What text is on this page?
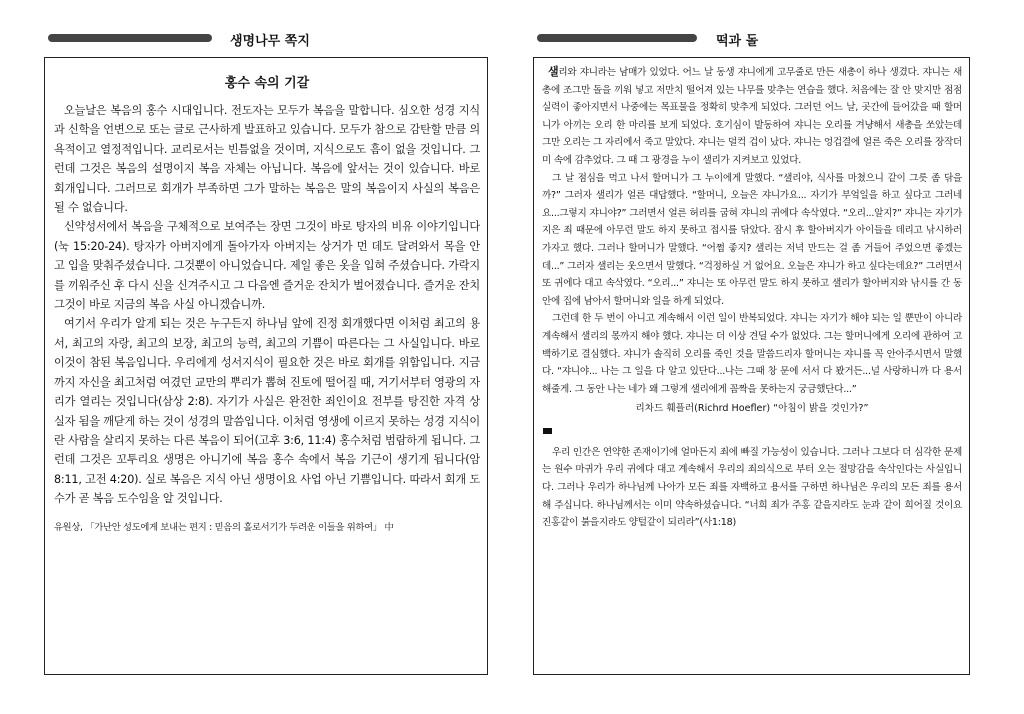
생명나무 쪽지	떡과 돌
홍수 속의 기갈

오늘날은 복음의 홍수 시대입니다. 전도자는 모두가 복음을 말합니다. 심오한 성경 지식과 신학을 언변으로 또는 글로 근사하게 발표하고 있습니다. 모두가 참으로 감탄할 만큼 의욕적이고 열정적입니다. 교리로서는 빈틈없을 것이며, 지식으로도 흠이 없을 것입니다. 그런데 그것은 복음의 설명이지 복음 자체는 아닙니다. 복음에 앞서는 것이 있습니다. 바로 회개입니다. 그러므로 회개가 부족하면 그가 말하는 복음은 말의 복음이지 사실의 복음은 될 수 없습니다.

신약성서에서 복음을 구체적으로 보여주는 장면 그것이 바로 탕자의 비유 이야기입니다(눅 15:20-24). 탕자가 아버지에게 돌아가자 아버지는 상거가 먼 데도 달려와서 목을 안고 입을 맞춰주셨습니다. 그것뿐이 아니었습니다. 제일 좋은 옷을 입혀 주셨습니다. 가락지를 끼워주신 후 다시 신을 신겨주시고 그 다음엔 즐거운 잔치가 벌어졌습니다. 즐거운 잔치 그것이 바로 지금의 복음 사실 아니겠습니까.

여기서 우리가 알게 되는 것은 누구든지 하나님 앞에 진정 회개했다면 이처럼 최고의 용서, 최고의 자랑, 최고의 보장, 최고의 능력, 최고의 기쁨이 따른다는 그 사실입니다. 바로 이것이 참된 복음입니다. 우리에게 성서지식이 필요한 것은 바로 회개를 위함입니다. 지금까지 자신을 최고처럼 여겼던 교만의 뿌리가 뽑혀 진토에 떨어질 때, 거기서부터 영광의 자리가 열리는 것입니다(삼상 2:8). 자기가 사실은 완전한 죄인이요 전부를 탕진한 자격 상실자 됨을 깨닫게 하는 것이 성경의 말씀입니다. 이처럼 영생에 이르지 못하는 성경 지식이란 사람을 살리지 못하는 다른 복음이 되어(고후 3:6, 11:4) 홍수처럼 범람하게 됩니다. 그런데 그것은 꼬투리요 생명은 아니기에 복음 홍수 속에서 복음 기근이 생기게 됩니다(암 8:11, 고전 4:20). 실로 복음은 지식 아닌 생명이요 사업 아닌 기쁨입니다. 따라서 회개 도수가 곧 복음 도수임을 알 것입니다.

유원상, 「가난안 성도에게 보내는 편지 : 믿음의 홀로서기가 두려운 이들을 위하여」 中

샐리와 쟈니라는 남매가 있었다. 어느 날 동생 쟈니에게 고무줄로 만든 새총이 하나 생겼다. 쟈니는 새총에 조그만 돌을 끼워 넣고 저만치 떨어져 있는 나무를 맞추는 연습을 했다. 처음에는 잘 안 맞지만 점점 실력이 좋아지면서 나중에는 목표물을 정확히 맞추게 되었다. 그러던 어느 날, 곳간에 들어갔을 때 할머니가 아끼는 오리 한 마리를 보게 되었다. 호기심이 발동하여 쟈니는 오리를 겨냥해서 새총을 쏘았는데 그만 오리는 그 자리에서 죽고 말았다. 쟈니는 덜컥 겁이 났다. 쟈니는 엉겁결에 얼른 죽은 오리를 장작더미 속에 감추었다. 그 때 그 광경을 누이 샐리가 지켜보고 있었다.

그 날 점심을 먹고 나서 할머니가 그 누이에게 말했다. “샐리야, 식사를 마쳤으니 같이 그릇 좀 닦을까?” 그러자 샐리가 얼른 대답했다. “할머니, 오늘은 쟈니가요... 자기가 부엌일을 하고 싶다고 그러네요...그렇지 쟈니야?” 그러면서 얼른 허리를 굽혀 쟈니의 귀에다 속삭였다. “오리...알지?” 쟈니는 자기가 지은 죄 때문에 아무런 말도 하지 못하고 접시를 닦았다. 잠시 후 할아버지가 아이들을 데리고 낚시하러 가자고 했다. 그러나 할머니가 말했다. “어쩜 좋지? 샐리는 저녁 만드는 걸 좀 거들어 주었으면 좋겠는데...” 그러자 샐리는 웃으면서 말했다. “걱정하실 거 없어요. 오늘은 쟈니가 하고 싶다는데요?” 그러면서 또 귀에다 대고 속삭였다. “오리...” 쟈니는 또 아무런 말도 하지 못하고 샐리가 할아버지와 낚시를 간 동안에 집에 남아서 할머니와 일을 하게 되었다.

그런데 한 두 번이 아니고 계속해서 이런 일이 반복되었다. 쟈니는 자기가 해야 되는 일 뿐만이 아니라 계속해서 샐리의 몫까지 해야 했다. 쟈니는 더 이상 견딜 수가 없었다. 그는 할머니에게 오리에 관하여 고백하기로 결심했다. 쟈니가 솔직히 오리를 죽인 것을 말씀드리자 할머니는 쟈니를 꼭 안아주시면서 말했다. “쟈니야... 나는 그 일을 다 알고 있단다...나는 그때 창 문에 서서 다 봤거든...널 사랑하니까 다 용서해줄게. 그 동안 나는 네가 왜 그렇게 샐리에게 꼼짝을 못하는지 궁금했단다...”

리차드 훼플러(Richrd Hoefler) “아침이 밝을 것인가?”

우리 인간은 연약한 존재이기에 얼마든지 죄에 빠질 가능성이 있습니다. 그러나 그보다 더 심각한 문제는 원수 마귀가 우리 귀에다 대고 계속해서 우리의 죄의식으로 부터 오는 절망감을 속삭인다는 사실입니다. 그러나 우리가 하나님께 나아가 모든 죄를 자백하고 용서를 구하면 하나님은 우리의 모든 죄를 용서해 주십니다. 하나님께서는 이미 약속하셨습니다. “너희 죄가 주홍 같을지라도 눈과 같이 희어질 것이요 진홍같이 붉을지라도 양털같이 되리라”(사1:18)
